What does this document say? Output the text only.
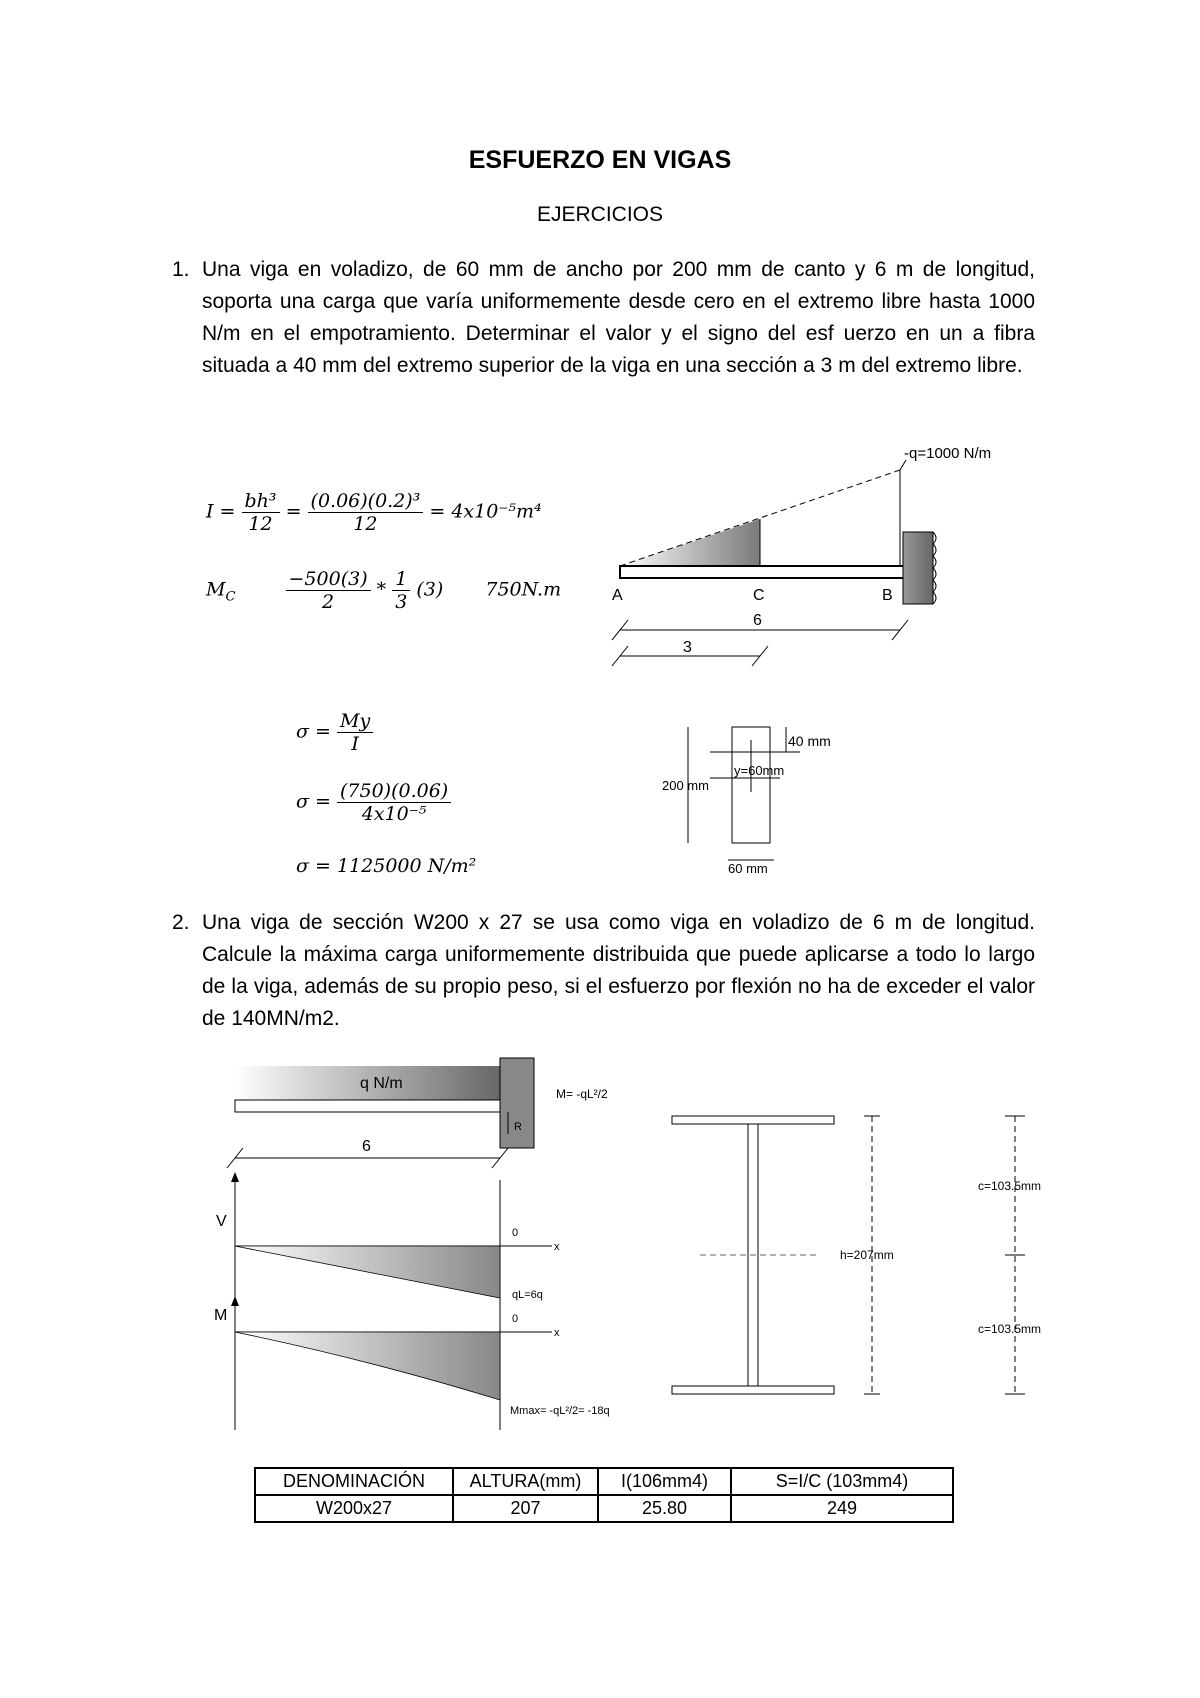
ESFUERZO EN VIGAS
EJERCICIOS
1. Una viga en voladizo, de 60 mm de ancho por 200 mm de canto y 6 m de longitud, soporta una carga que varía uniformemente desde cero en el extremo libre hasta 1000 N/m en el empotramiento. Determinar el valor y el signo del esf uerzo en un a fibra situada a 40 mm del extremo superior de la viga en una sección a 3 m del extremo libre.
$I = \frac{\text{bh³}}{12} = \frac{\text{(0.06)(0.2)³}}{12} = 4x10^{-5}m^4$
$M_C$	$\frac{-500(3)}{2} * \frac{1}{3} (3)$ 750N.m
$\sigma = \frac{My}{I}$
$\sigma = \frac{(750)(0.06)}{\text{4x10⁻⁵}}$
σ = 1125000 N/m²
-q=1000 N/m
A	C	B
6
3
40 mm
y=60mm
200 mm
60 mm
2. Una viga de sección W200 x 27 se usa como viga en voladizo de 6 m de longitud. Calcule la máxima carga uniformemente distribuida que puede aplicarse a todo lo largo de la viga, además de su propio peso, si el esfuerzo por flexión no ha de exceder el valor de 140MN/m2.
q N/m
M= -qL²/2
R
6
V
0
x
qL=6q
M	0
x
Mmax= -qL²/2= -18q
h=207mm
c=103.5mm
c=103.5mm
DENOMINACIÓN	ALTURA(mm)	I(106mm4)	S=I/C (103mm4)
W200x27	207	25.80	249
